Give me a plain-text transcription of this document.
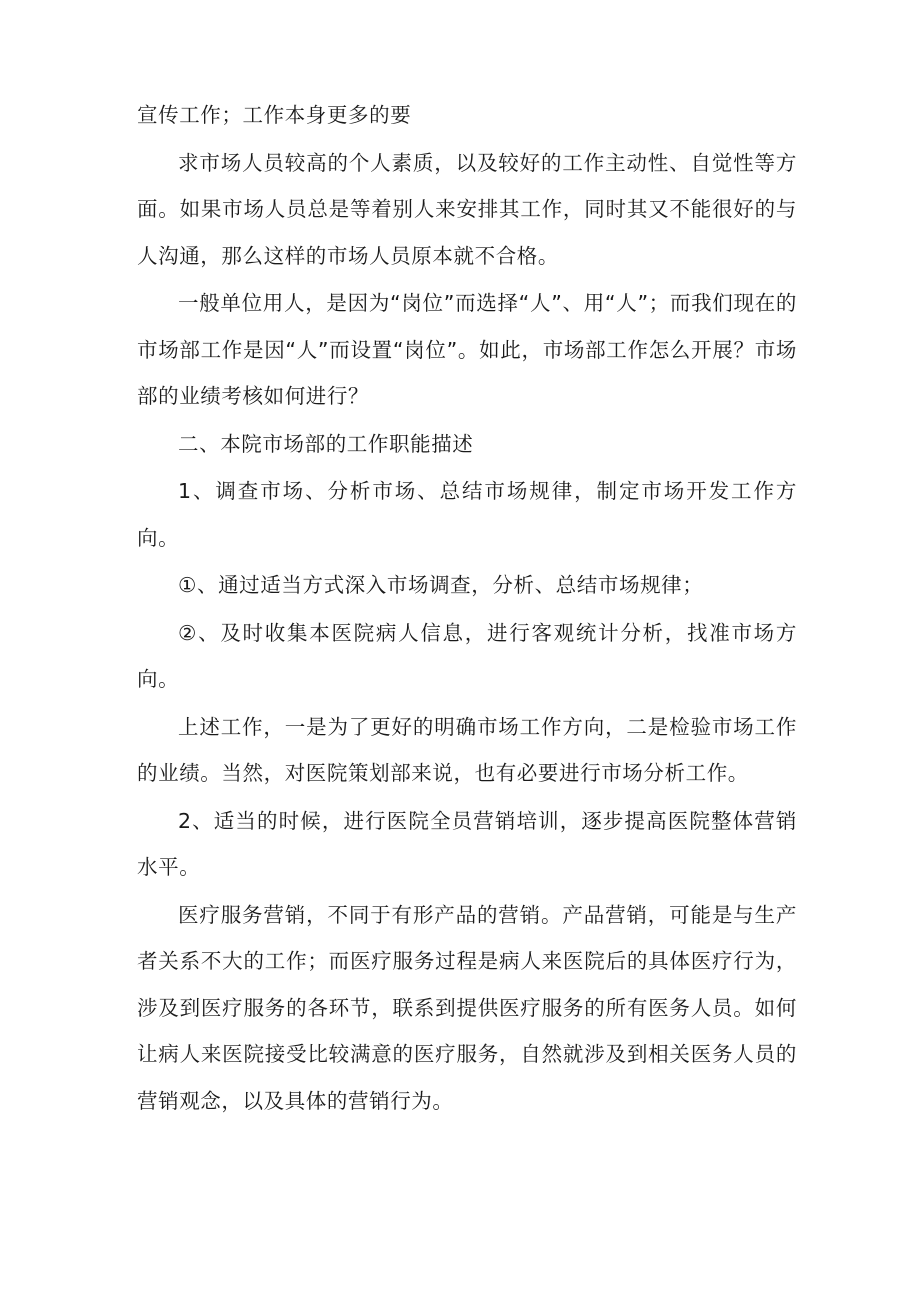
宣传工作；工作本身更多的要

求市场人员较高的个人素质，以及较好的工作主动性、自觉性等方面。如果市场人员总是等着别人来安排其工作，同时其又不能很好的与人沟通，那么这样的市场人员原本就不合格。

一般单位用人，是因为“岗位”而选择“人”、用“人”；而我们现在的市场部工作是因“人”而设置“岗位”。如此，市场部工作怎么开展？市场部的业绩考核如何进行？

二、本院市场部的工作职能描述

1、调查市场、分析市场、总结市场规律，制定市场开发工作方向。

①、通过适当方式深入市场调查，分析、总结市场规律；

②、及时收集本医院病人信息，进行客观统计分析，找准市场方向。

上述工作，一是为了更好的明确市场工作方向，二是检验市场工作的业绩。当然，对医院策划部来说，也有必要进行市场分析工作。

2、适当的时候，进行医院全员营销培训，逐步提高医院整体营销水平。

医疗服务营销，不同于有形产品的营销。产品营销，可能是与生产者关系不大的工作；而医疗服务过程是病人来医院后的具体医疗行为，涉及到医疗服务的各环节，联系到提供医疗服务的所有医务人员。如何让病人来医院接受比较满意的医疗服务，自然就涉及到相关医务人员的营销观念，以及具体的营销行为。
